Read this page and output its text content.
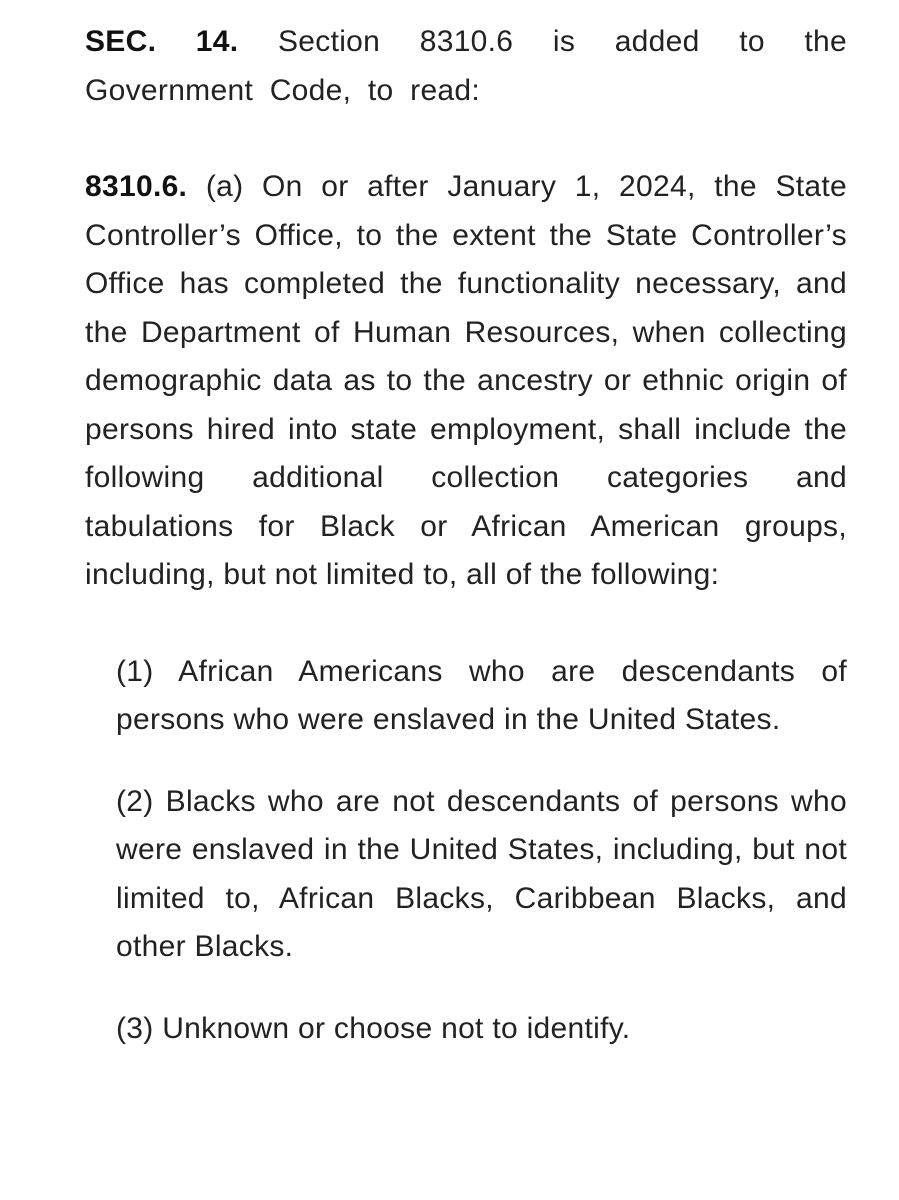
SEC. 14. Section 8310.6 is added to the Government Code, to read:

8310.6. (a) On or after January 1, 2024, the State Controller’s Office, to the extent the State Controller’s Office has completed the functionality necessary, and the Department of Human Resources, when collecting demographic data as to the ancestry or ethnic origin of persons hired into state employment, shall include the following additional collection categories and tabulations for Black or African American groups, including, but not limited to, all of the following:

(1) African Americans who are descendants of persons who were enslaved in the United States.

(2) Blacks who are not descendants of persons who were enslaved in the United States, including, but not limited to, African Blacks, Caribbean Blacks, and other Blacks.

(3) Unknown or choose not to identify.
